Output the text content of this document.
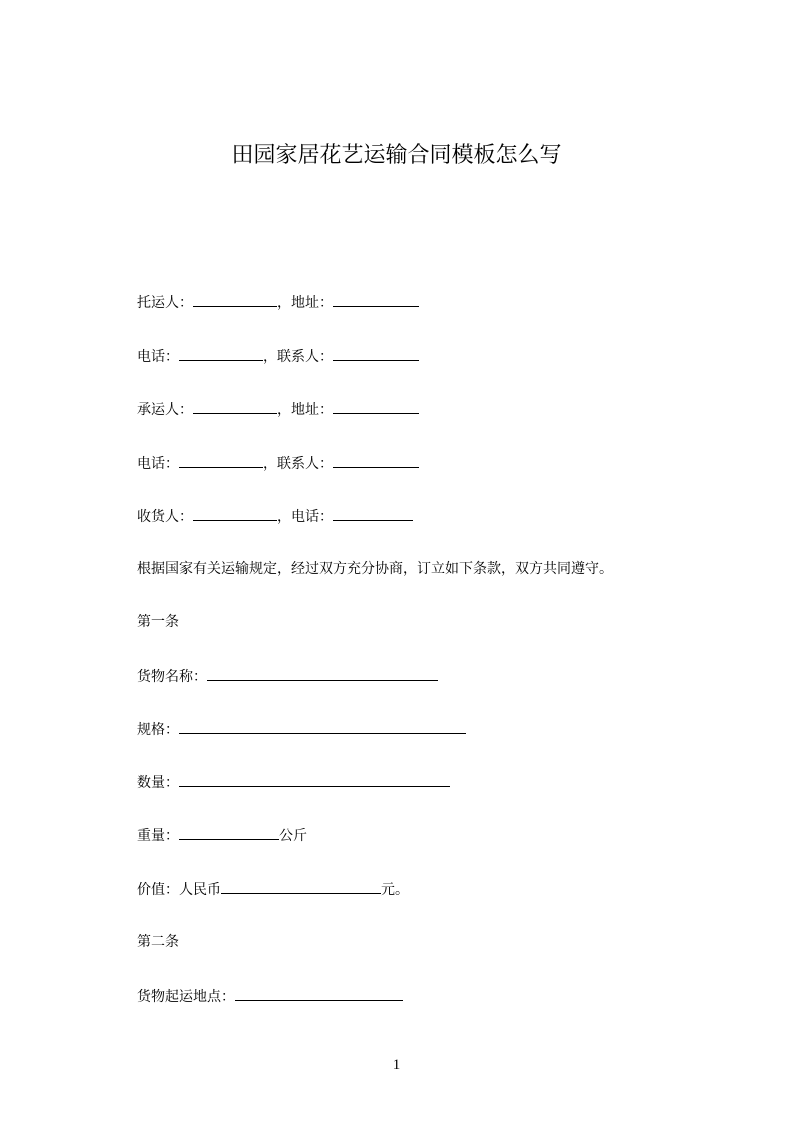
田园家居花艺运输合同模板怎么写
托运人：	，地址：
电话：	，联系人：
承运人：	，地址：
电话：	，联系人：
收货人：	，电话：
根据国家有关运输规定，经过双方充分协商，订立如下条款，双方共同遵守。
第一条
货物名称：
规格：
数量：
重量：	公斤
价值：人民币	元。
第二条
货物起运地点：
1
